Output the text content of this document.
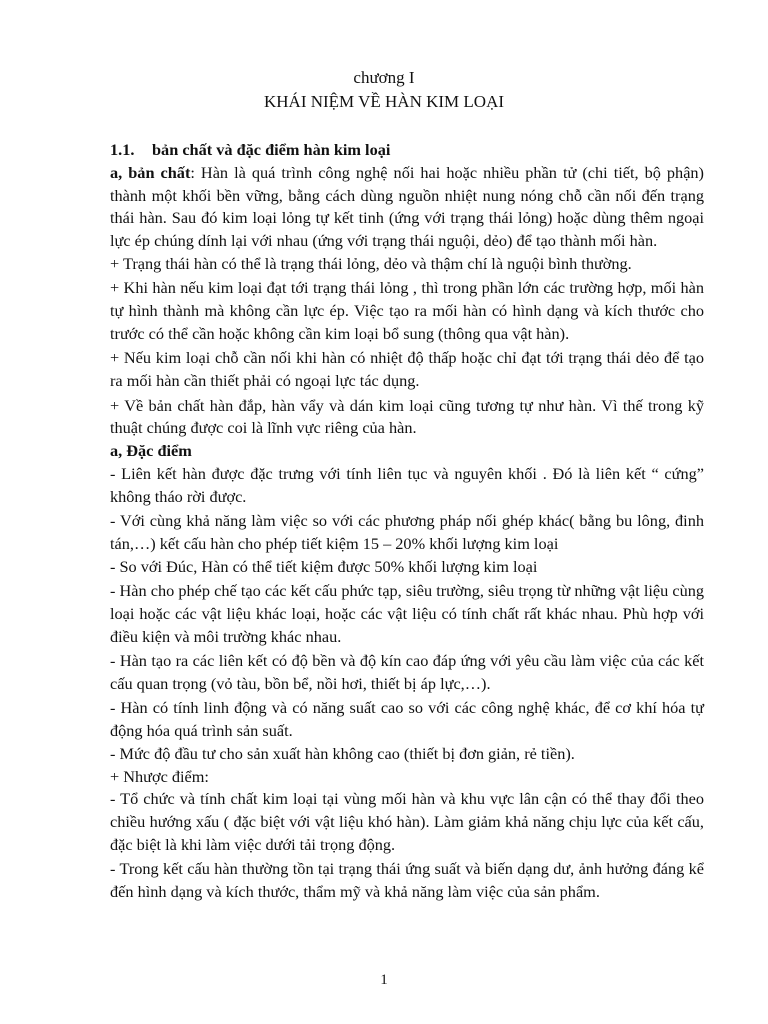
chương I
KHÁI NIỆM VỀ HÀN KIM LOẠI

1.1. bản chất và đặc điểm hàn kim loại

a, bản chất: Hàn là quá trình công nghệ nối hai hoặc nhiều phần tử (chi tiết, bộ phận) thành một khối bền vững, bằng cách dùng nguồn nhiệt nung nóng chỗ cần nối đến trạng thái hàn. Sau đó kim loại lỏng tự kết tinh (ứng với trạng thái lỏng) hoặc dùng thêm ngoại lực ép chúng dính lại với nhau (ứng với trạng thái nguội, dẻo) để tạo thành mối hàn.

+ Trạng thái hàn có thể là trạng thái lỏng, dẻo và thậm chí là nguội bình thường.

+ Khi hàn nếu kim loại đạt tới trạng thái lỏng , thì trong phần lớn các trường hợp, mối hàn tự hình thành mà không cần lực ép. Việc tạo ra mối hàn có hình dạng và kích thước cho trước có thể cần hoặc không cần kim loại bổ sung (thông qua vật hàn).

+ Nếu kim loại chỗ cần nối khi hàn có nhiệt độ thấp hoặc chỉ đạt tới trạng thái dẻo để tạo ra mối hàn cần thiết phải có ngoại lực tác dụng.

+ Về bản chất hàn đắp, hàn vẩy và dán kim loại cũng tương tự như hàn. Vì thế trong kỹ thuật chúng được coi là lĩnh vực riêng của hàn.

a, Đặc điểm

- Liên kết hàn được đặc trưng với tính liên tục và nguyên khối . Đó là liên kết “ cứng” không tháo rời được.

- Với cùng khả năng làm việc so với các phương pháp nối ghép khác( bằng bu lông, đinh tán,…) kết cấu hàn cho phép tiết kiệm 15 – 20% khối lượng kim loại

- So với Đúc, Hàn có thể tiết kiệm được 50% khối lượng kim loại

- Hàn cho phép chế tạo các kết cấu phức tạp, siêu trường, siêu trọng từ những vật liệu cùng loại hoặc các vật liệu khác loại, hoặc các vật liệu có tính chất rất khác nhau. Phù hợp với điều kiện và môi trường khác nhau.

- Hàn tạo ra các liên kết có độ bền và độ kín cao đáp ứng với yêu cầu làm việc của các kết cấu quan trọng (vỏ tàu, bồn bể, nồi hơi, thiết bị áp lực,…).

- Hàn có tính linh động và có năng suất cao so với các công nghệ khác, để cơ khí hóa tự động hóa quá trình sản suất.

- Mức độ đầu tư cho sản xuất hàn không cao (thiết bị đơn giản, rẻ tiền).

+ Nhược điểm:

- Tổ chức và tính chất kim loại tại vùng mối hàn và khu vực lân cận có thể thay đổi theo chiều hướng xấu ( đặc biệt với vật liệu khó hàn). Làm giảm khả năng chịu lực của kết cấu, đặc biệt là khi làm việc dưới tải trọng động.

- Trong kết cấu hàn thường tồn tại trạng thái ứng suất và biến dạng dư, ảnh hưởng đáng kể đến hình dạng và kích thước, thẩm mỹ và khả năng làm việc của sản phẩm.

1
